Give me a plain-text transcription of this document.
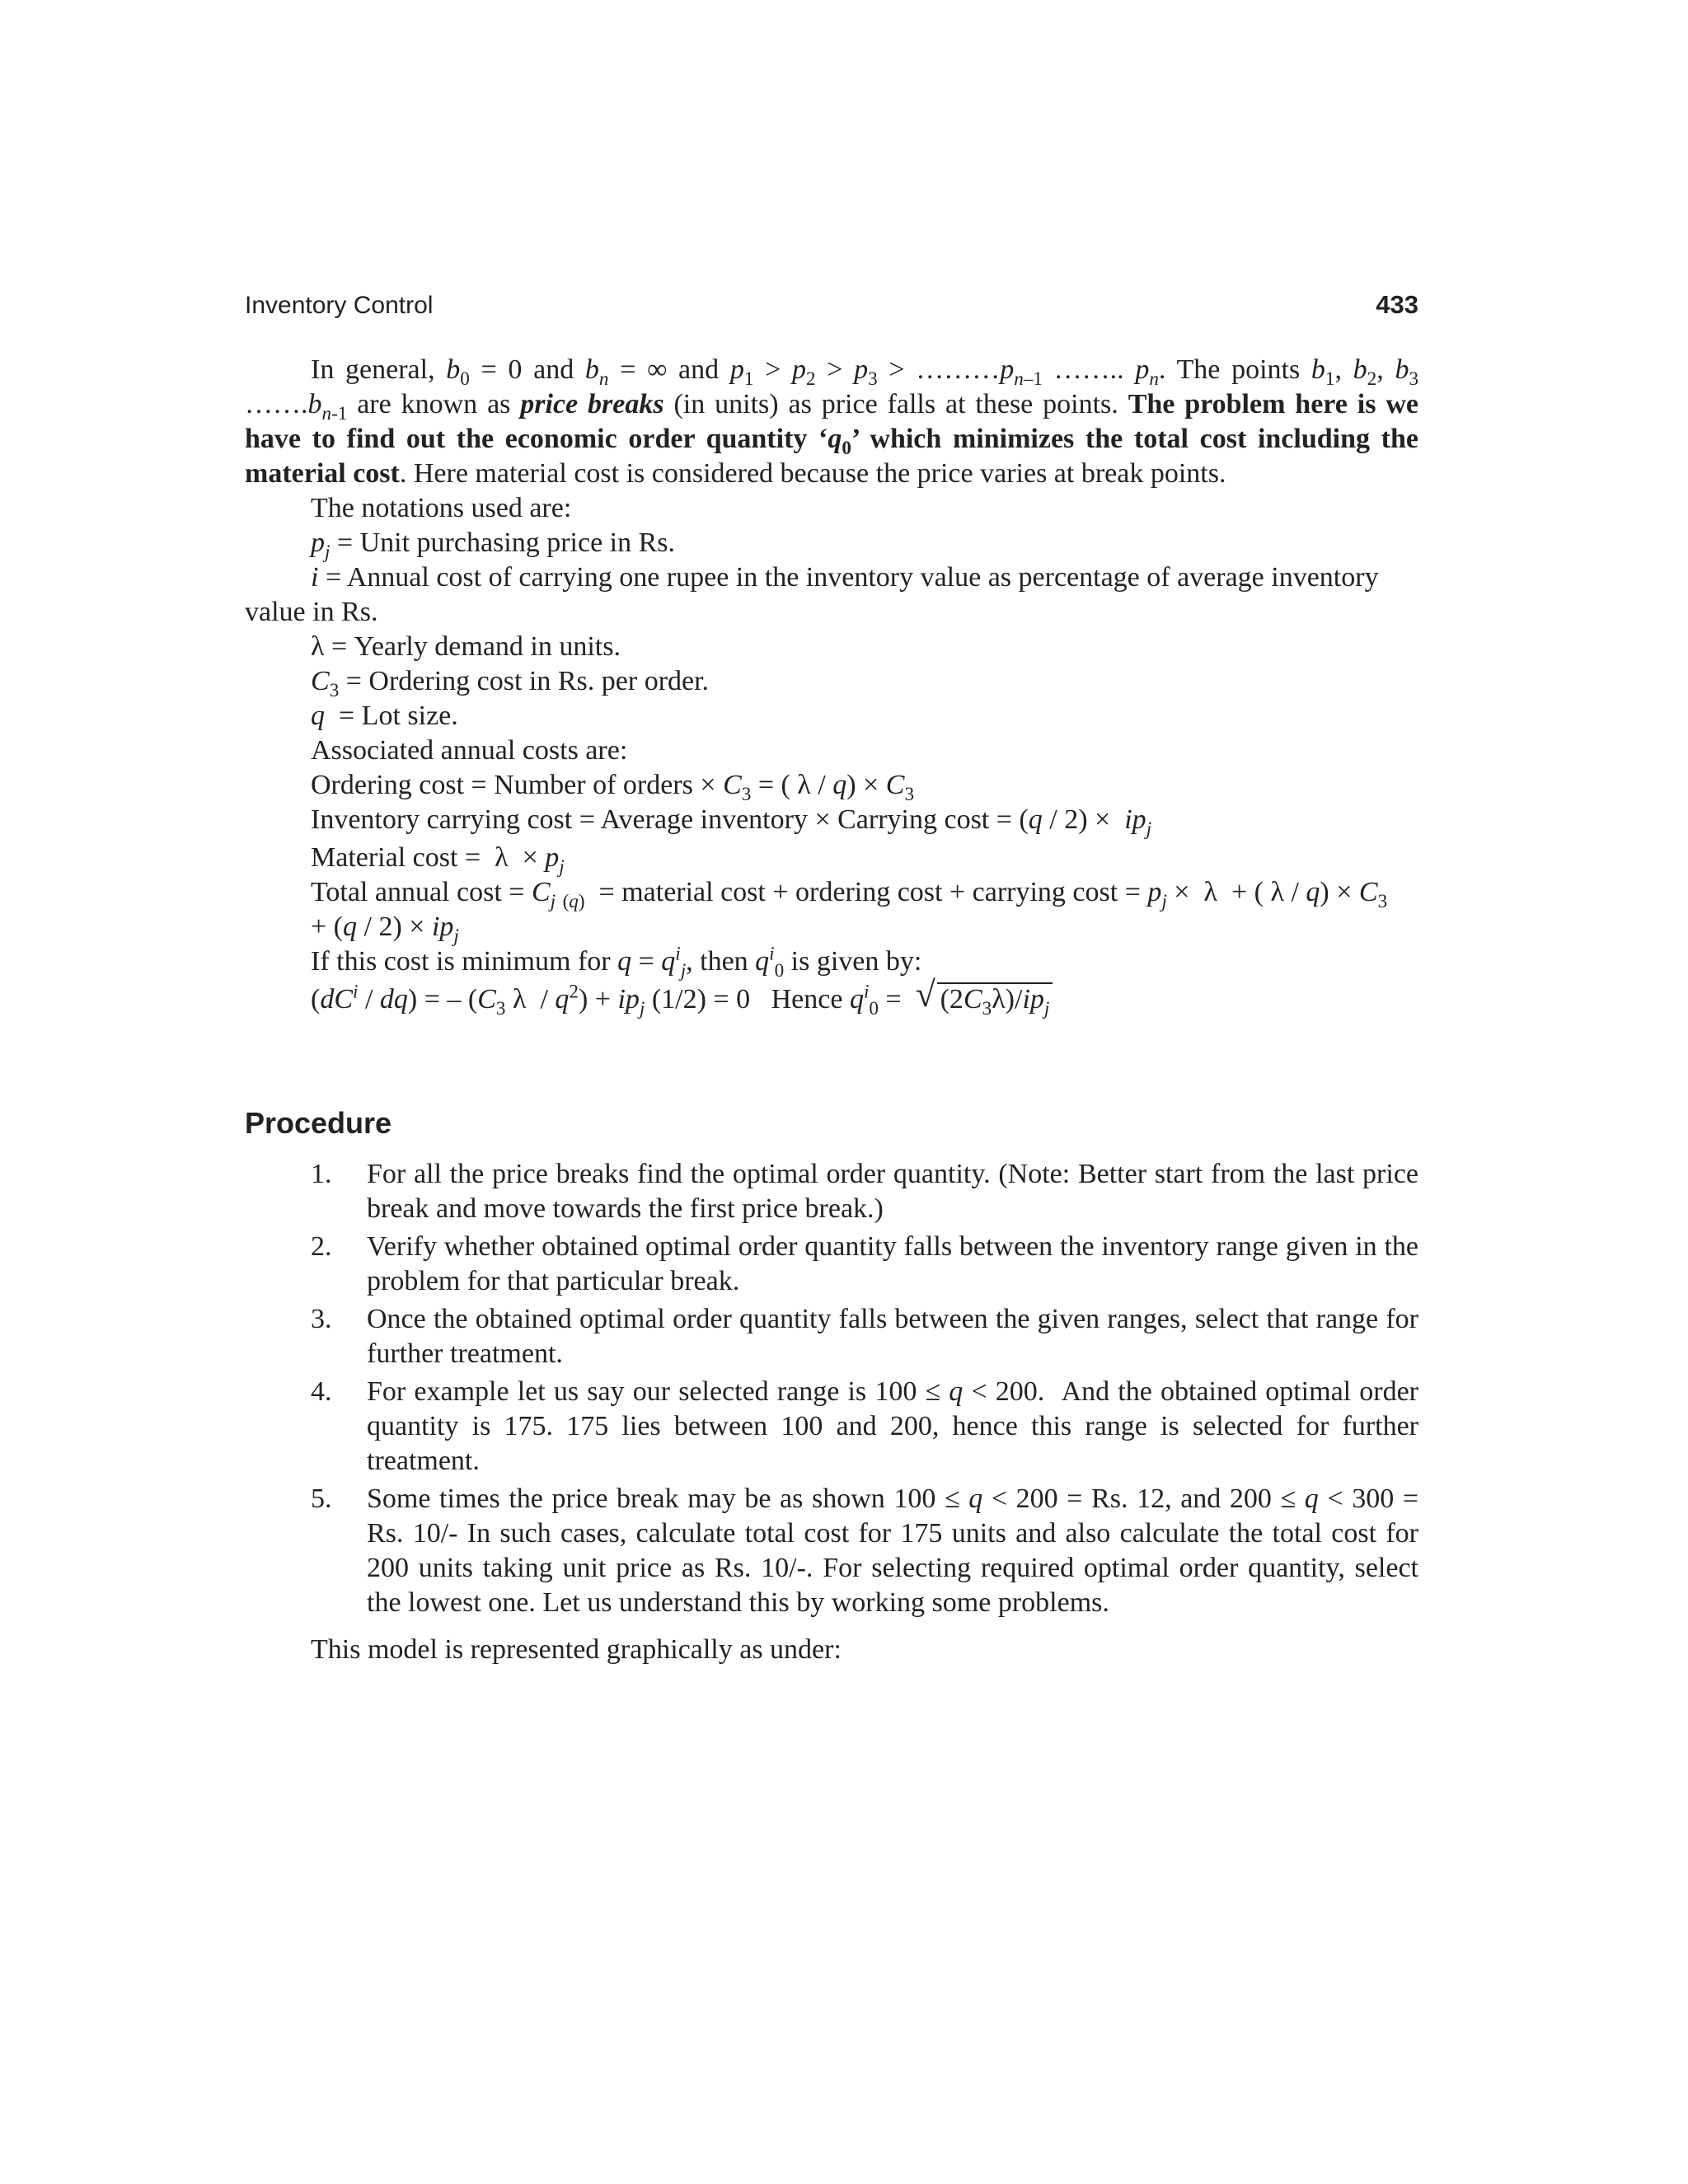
Inventory Control	433

In general, $b_0 = 0$ and $b_n$ = ∞ and $p_1 > p_2 > p_3$ > $\dots\dots\dots p_{n-1}$ …….. $p_n$. The points $b_1$, $b_2$, $b_3$ $\dots\dots.b_{n-1}$ are known as price breaks (in units) as price falls at these points. The problem here is we have to find out the economic order quantity ‘$q_0$’ which minimizes the total cost including the material cost. Here material cost is considered because the price varies at break points.

The notations used are:

$p_j$ = Unit purchasing price in Rs.

i = Annual cost of carrying one rupee in the inventory value as percentage of average inventory value in Rs.

λ = Yearly demand in units.

$C_3$ = Ordering cost in Rs. per order.

q = Lot size.

Associated annual costs are:

Ordering cost = Number of orders × $C_3$ = ( $\lambda / q) \times C_3$

Inventory carrying cost = Average inventory × Carrying $\cos t = (q / 2) \times ip_j$

Material $\cos t = \lambda \times p_j$

Total annual $\cos t = C_j$ $_{(q)}$  = material cost + ordering cost + carrying $\cos t = p_j \times \lambda$  + ( $\lambda / q) \times C_3$

+ $(q / 2) \times ip_j$

If this cost is minimum for $q = q^i_j$, then $q^i_0$ is given by:

$(dC^i / dq)$ = – ($C_3$ $\lambda / q^2) + ip_j$ (1/2) = 0   Hence $q^i_0$ =  √ $(2C_3\lambda)/ip_j$

Procedure
1. For all the price breaks find the optimal order quantity. (Note: Better start from the last price break and move towards the first price break.)
2. Verify whether obtained optimal order quantity falls between the inventory range given in the problem for that particular break.
3. Once the obtained optimal order quantity falls between the given ranges, select that range for further treatment.
4. For example let us say our selected range is 100 ≤ q < 200.  And the obtained optimal order quantity is 175. 175 lies between 100 and 200, hence this range is selected for further treatment.
5. Some times the price break may be as shown 100 ≤ q < 200 = Rs. 12, and 200 ≤ q < 300 = Rs. 10/- In such cases, calculate total cost for 175 units and also calculate the total cost for 200 units taking unit price as Rs. 10/-. For selecting required optimal order quantity, select the lowest one. Let us understand this by working some problems.

This model is represented graphically as under:
